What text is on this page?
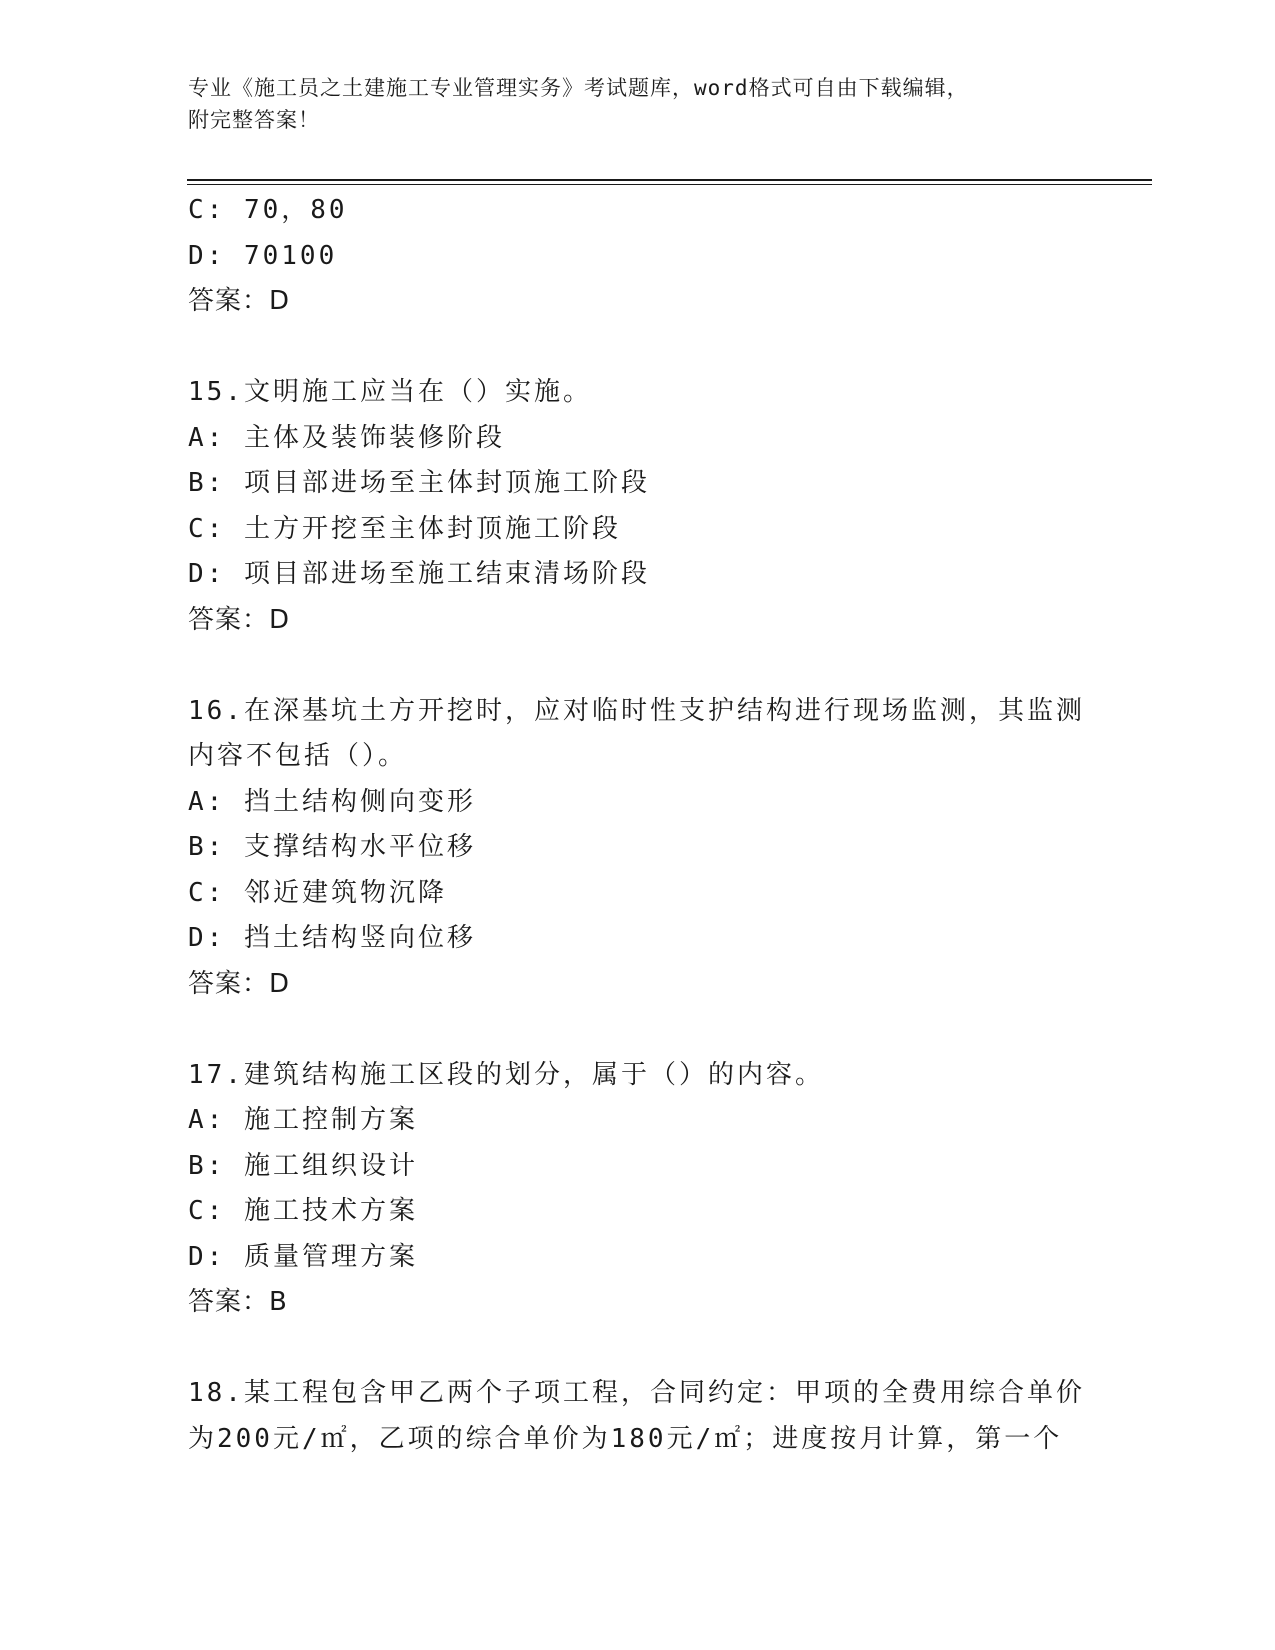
专业《施工员之土建施工专业管理实务》考试题库，word格式可自由下载编辑，
附完整答案！
C: 70，80
D: 70100
答案：D
15.文明施工应当在（）实施。
A: 主体及装饰装修阶段
B: 项目部进场至主体封顶施工阶段
C: 土方开挖至主体封顶施工阶段
D: 项目部进场至施工结束清场阶段
答案：D
16.在深基坑土方开挖时，应对临时性支护结构进行现场监测，其监测
内容不包括（）。
A: 挡土结构侧向变形
B: 支撑结构水平位移
C: 邻近建筑物沉降
D: 挡土结构竖向位移
答案：D
17.建筑结构施工区段的划分，属于（）的内容。
A: 施工控制方案
B: 施工组织设计
C: 施工技术方案
D: 质量管理方案
答案：B
18.某工程包含甲乙两个子项工程，合同约定：甲项的全费用综合单价
为200元/㎡，乙项的综合单价为180元/㎡；进度按月计算，第一个
